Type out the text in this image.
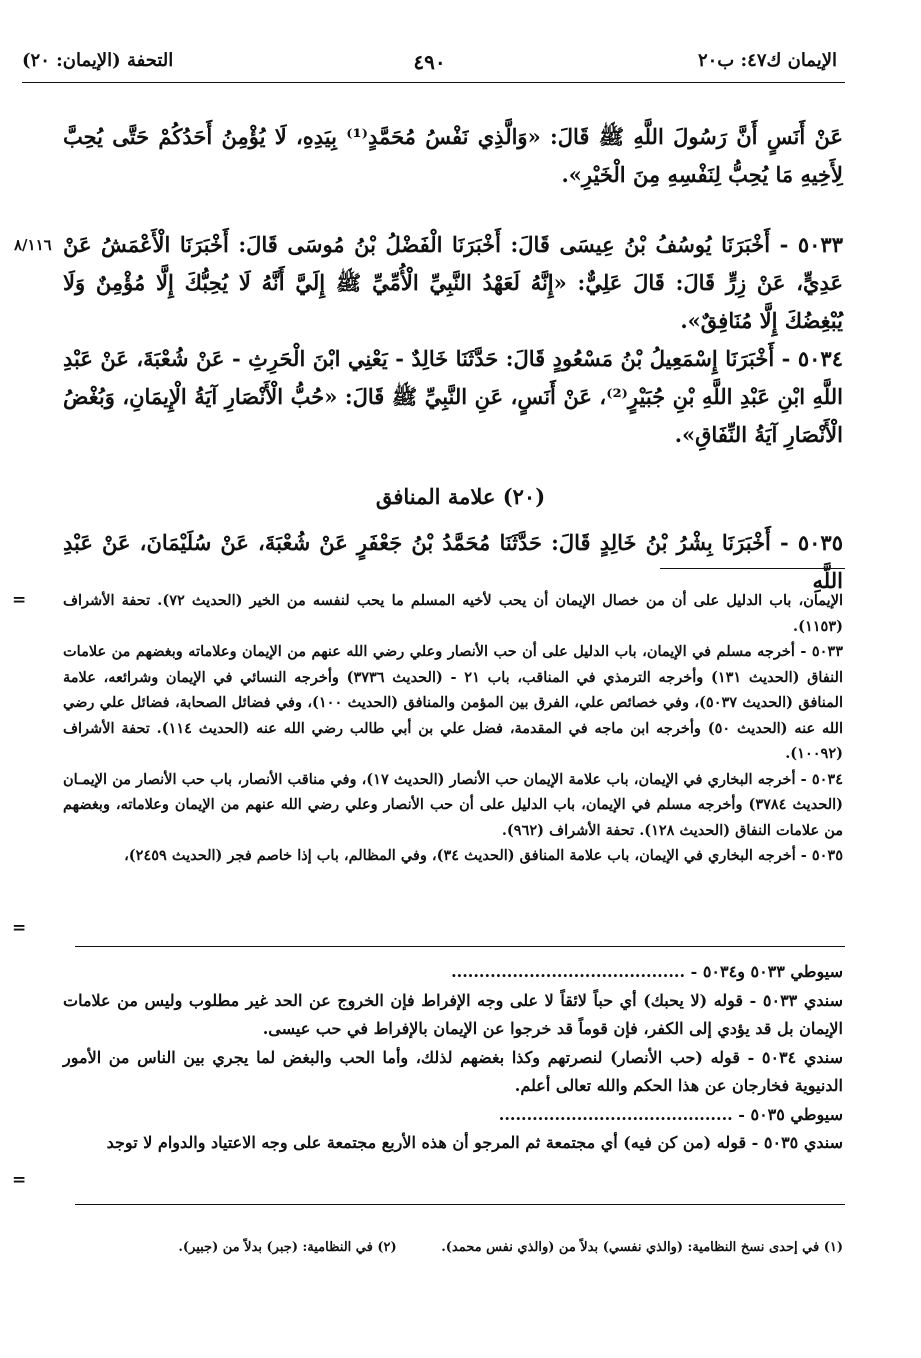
الإيمان ك٤٧: ب٢٠
٤٩٠
التحفة (الإيمان: ٢٠)

عَنْ أَنَسٍ أَنَّ رَسُولَ اللَّهِ ﷺ قَالَ: «وَالَّذِي نَفْسُ مُحَمَّدٍ⁽¹⁾ بِيَدِهِ، لَا يُؤْمِنُ أَحَدُكُمْ حَتَّى يُحِبَّ لِأَخِيهِ مَا يُحِبُّ لِنَفْسِهِ مِنَ الْخَيْرِ».

٨/١١٦ ٥٠٣٣ - أَخْبَرَنَا يُوسُفُ بْنُ عِيسَى قَالَ: أَخْبَرَنَا الْفَضْلُ بْنُ مُوسَى قَالَ: أَخْبَرَنَا الْأَعْمَشُ عَنْ عَدِيٍّ، عَنْ زِرٍّ قَالَ: قَالَ عَلِيٌّ: «إِنَّهُ لَعَهْدُ النَّبِيِّ الْأُمِّيِّ ﷺ إِلَيَّ أَنَّهُ لَا يُحِبُّكَ إِلَّا مُؤْمِنٌ وَلَا يُبْغِضُكَ إِلَّا مُنَافِقٌ».

٥٠٣٤ - أَخْبَرَنَا إِسْمَعِيلُ بْنُ مَسْعُودٍ قَالَ: حَدَّثَنَا خَالِدٌ - يَعْنِي ابْنَ الْحَرِثِ - عَنْ شُعْبَةَ، عَنْ عَبْدِ اللَّهِ ابْنِ عَبْدِ اللَّهِ بْنِ جُبَيْرٍ⁽²⁾، عَنْ أَنَسٍ، عَنِ النَّبِيِّ ﷺ قَالَ: «حُبُّ الْأَنْصَارِ آيَةُ الْإِيمَانِ، وَبُغْضُ الْأَنْصَارِ آيَةُ النِّفَاقِ».

(٢٠) علامة المنافق

٥٠٣٥ - أَخْبَرَنَا بِشْرُ بْنُ خَالِدٍ قَالَ: حَدَّثَنَا مُحَمَّدُ بْنُ جَعْفَرٍ عَنْ شُعْبَةَ، عَنْ سُلَيْمَانَ، عَنْ عَبْدِ اللَّهِ

=	الإيمان، باب الدليل على أن من خصال الإيمان أن يحب لأخيه المسلم ما يحب لنفسه من الخير (الحديث ٧٢). تحفة الأشراف (١١٥٣).

٥٠٣٣ - أخرجه مسلم في الإيمان، باب الدليل على أن حب الأنصار وعلي رضي الله عنهم من الإيمان وعلاماته وبغضهم من علامات النفاق (الحديث ١٣١) وأخرجه الترمذي في المناقب، باب ٢١ - (الحديث ٣٧٣٦) وأخرجه النسائي في الإيمان وشرائعه، علامة المنافق (الحديث ٥٠٣٧)، وفي خصائص علي، الفرق بين المؤمن والمنافق (الحديث ١٠٠)، وفي فضائل الصحابة، فضائل علي رضي الله عنه (الحديث ٥٠) وأخرجه ابن ماجه في المقدمة، فضل علي بن أبي طالب رضي الله عنه (الحديث ١١٤). تحفة الأشراف (١٠٠٩٢).

٥٠٣٤ - أخرجه البخاري في الإيمان، باب علامة الإيمان حب الأنصار (الحديث ١٧)، وفي مناقب الأنصار، باب حب الأنصار من الإيمـان (الحديث ٣٧٨٤) وأخرجه مسلم في الإيمان، باب الدليل على أن حب الأنصار وعلي رضي الله عنهم من الإيمان وعلاماته، وبغضهم من علامات النفاق (الحديث ١٢٨). تحفة الأشراف (٩٦٢).

٥٠٣٥ - أخرجه البخاري في الإيمان، باب علامة المنافق (الحديث ٣٤)، وفي المظالم، باب إذا خاصم فجر (الحديث ٢٤٥٩)،

=

سيوطي ٥٠٣٣ و٥٠٣٤ - ..........................................

سندي ٥٠٣٣ - قوله (لا يحبك) أي حباً لائقاً لا على وجه الإفراط فإن الخروج عن الحد غير مطلوب وليس من علامات الإيمان بل قد يؤدي إلى الكفر، فإن قوماً قد خرجوا عن الإيمان بالإفراط في حب عيسى.

سندي ٥٠٣٤ - قوله (حب الأنصار) لنصرتهم وكذا بغضهم لذلك، وأما الحب والبغض لما يجري بين الناس من الأمور الدنيوية فخارجان عن هذا الحكم والله تعالى أعلم.

سيوطي ٥٠٣٥ - ..........................................

سندي ٥٠٣٥ - قوله (من كن فيه) أي مجتمعة ثم المرجو أن هذه الأربع مجتمعة على وجه الاعتياد والدوام لا توجد

=
(١) في إحدى نسخ النظامية: (والذي نفسي) بدلاً من (والذي نفس محمد). (٢) في النظامية: (جبر) بدلاً من (جبير).
